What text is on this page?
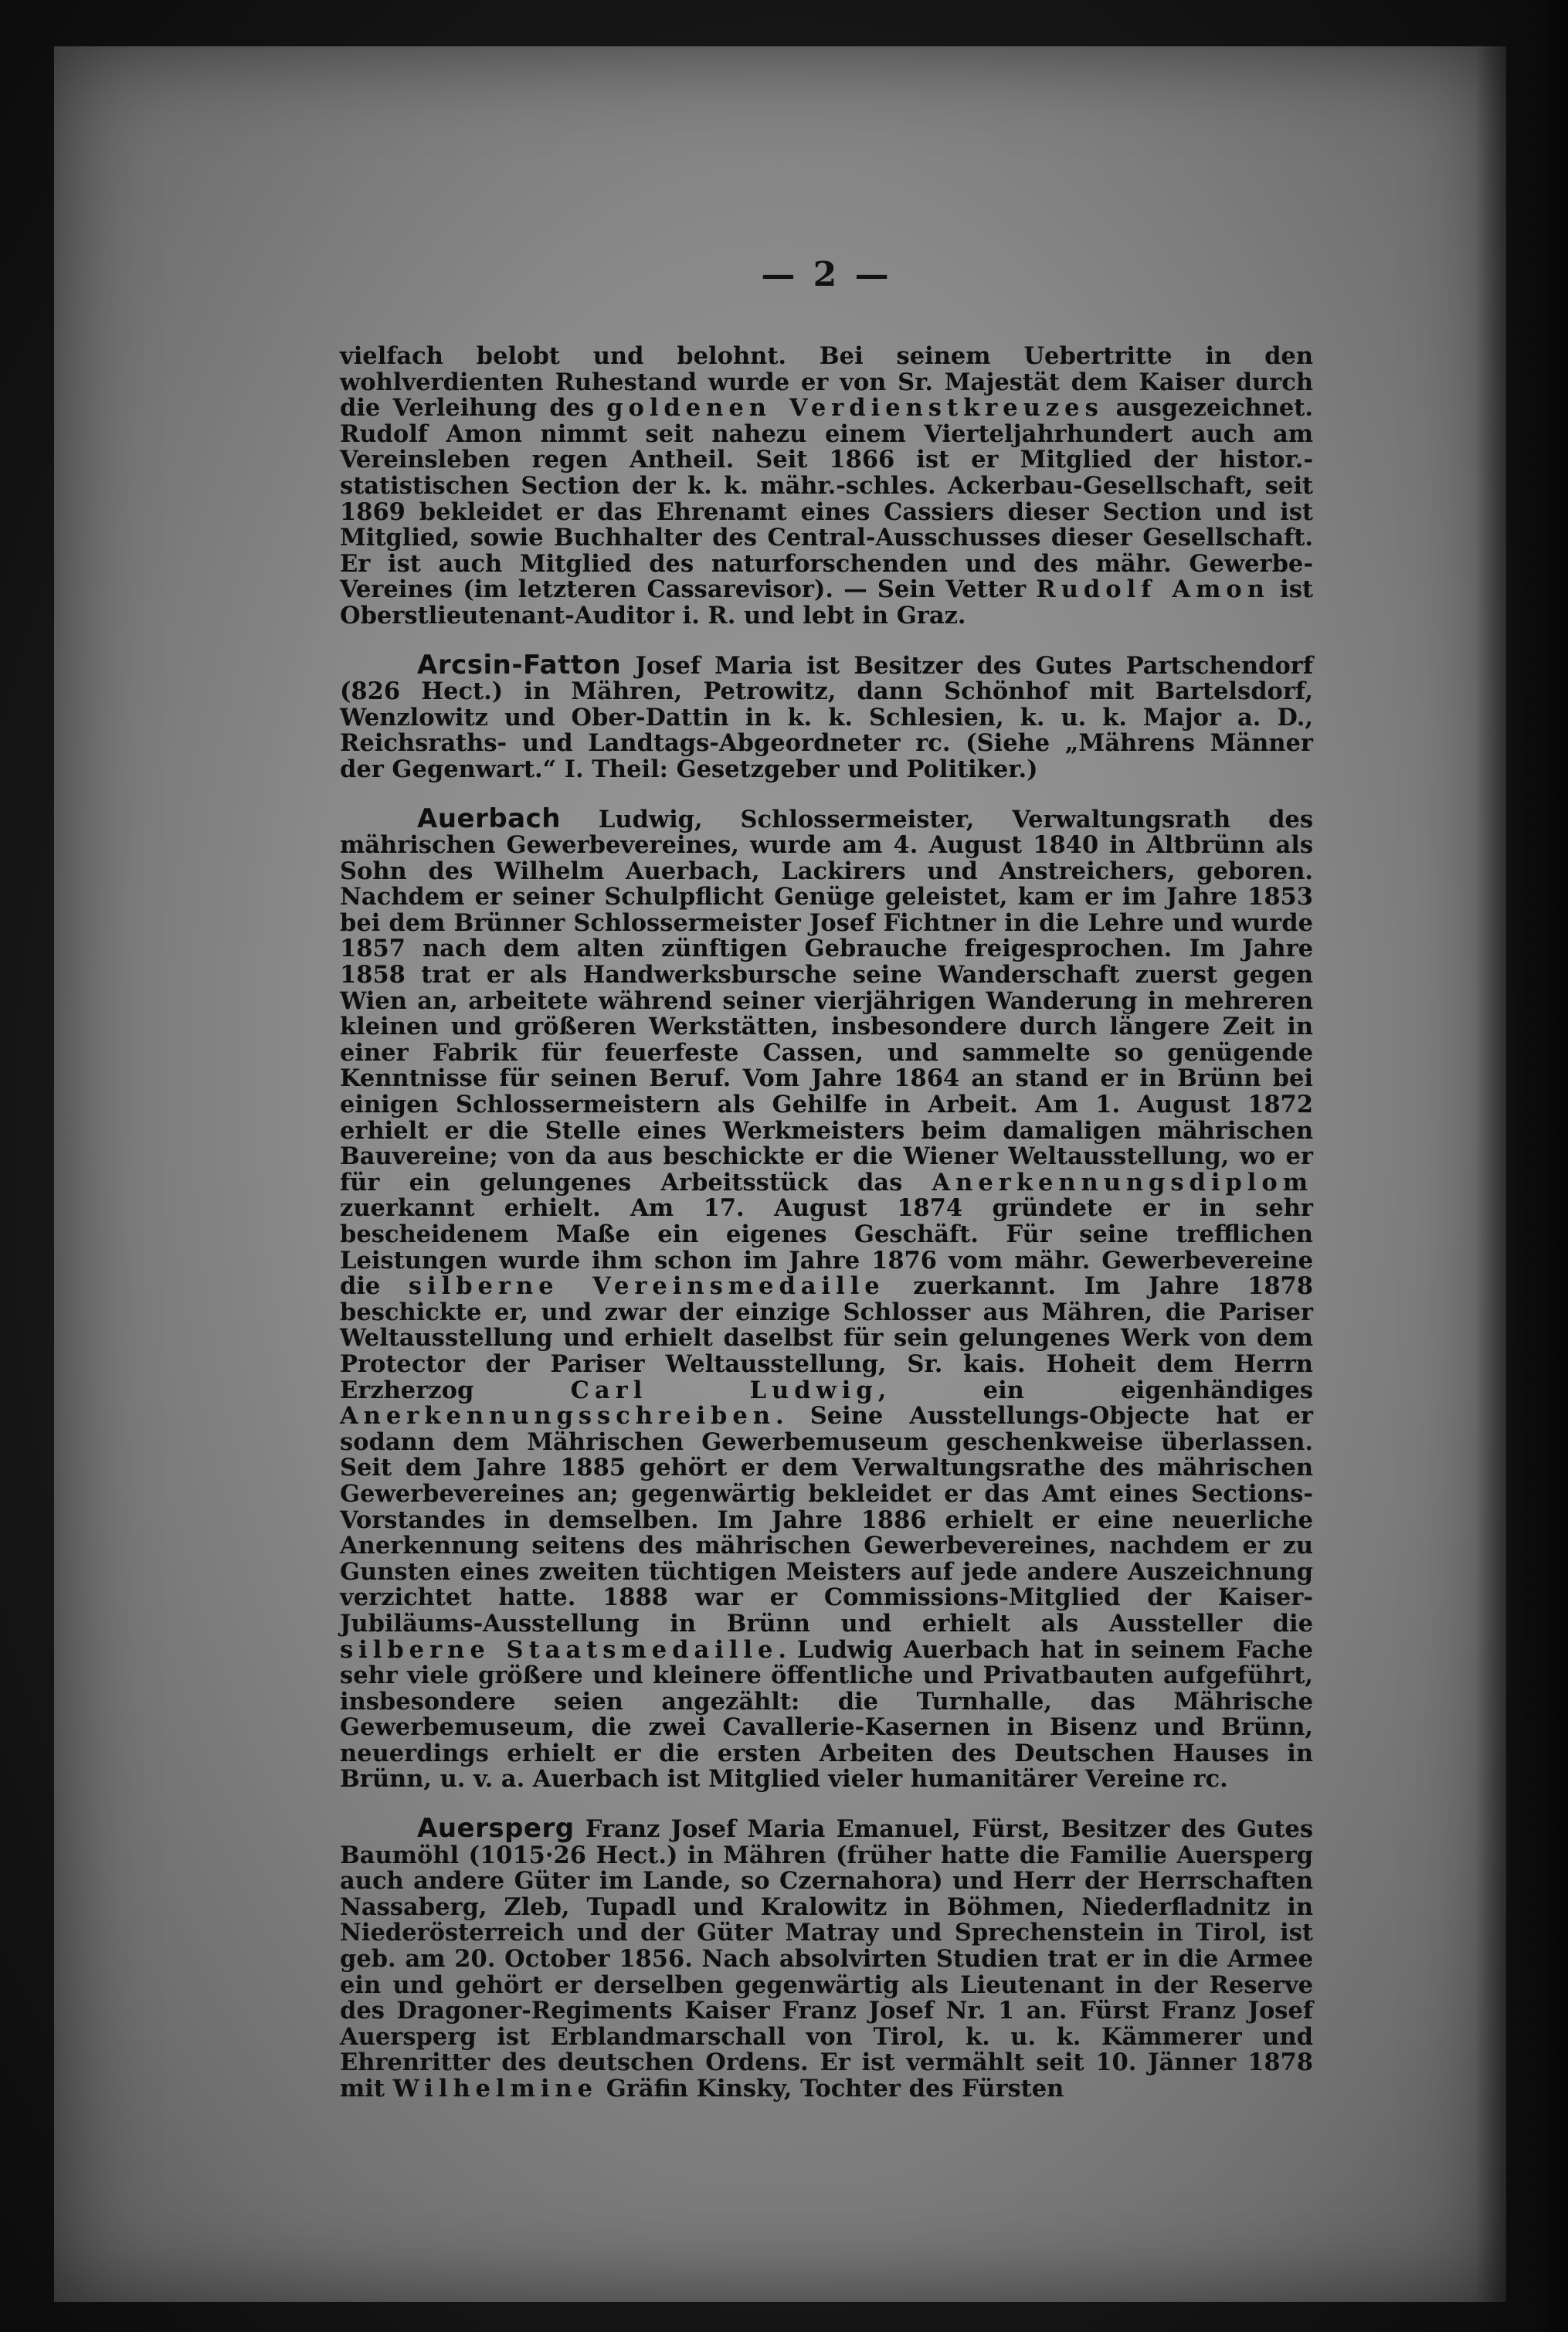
— 2 —

vielfach belobt und belohnt. Bei seinem Uebertritte in den wohlverdienten Ruhestand wurde er von Sr. Majestät dem Kaiser durch die Verleihung des goldenen Verdienstkreuzes ausgezeichnet. Rudolf Amon nimmt seit nahezu einem Vierteljahrhundert auch am Vereinsleben regen Antheil. Seit 1866 ist er Mitglied der histor.-statistischen Section der k. k. mähr.-schles. Ackerbau-Gesellschaft, seit 1869 bekleidet er das Ehrenamt eines Cassiers dieser Section und ist Mitglied, sowie Buchhalter des Central-Ausschusses dieser Gesellschaft. Er ist auch Mitglied des naturforschenden und des mähr. Gewerbe-Vereines (im letzteren Cassarevisor). — Sein Vetter Rudolf Amon ist Oberstlieutenant-Auditor i. R. und lebt in Graz.

Arcsin-Fatton Josef Maria ist Besitzer des Gutes Partschendorf (826 Hect.) in Mähren, Petrowitz, dann Schönhof mit Bartelsdorf, Wenzlowitz und Ober-Dattin in k. k. Schlesien, k. u. k. Major a. D., Reichsraths- und Landtags-Abgeordneter rc. (Siehe „Mährens Männer der Gegenwart.“ I. Theil: Gesetzgeber und Politiker.)

Auerbach Ludwig, Schlossermeister, Verwaltungsrath des mährischen Gewerbevereines, wurde am 4. August 1840 in Altbrünn als Sohn des Wilhelm Auerbach, Lackirers und Anstreichers, geboren. Nachdem er seiner Schulpflicht Genüge geleistet, kam er im Jahre 1853 bei dem Brünner Schlossermeister Josef Fichtner in die Lehre und wurde 1857 nach dem alten zünftigen Gebrauche freigesprochen. Im Jahre 1858 trat er als Handwerksbursche seine Wanderschaft zuerst gegen Wien an, arbeitete während seiner vierjährigen Wanderung in mehreren kleinen und größeren Werkstätten, insbesondere durch längere Zeit in einer Fabrik für feuerfeste Cassen, und sammelte so genügende Kenntnisse für seinen Beruf. Vom Jahre 1864 an stand er in Brünn bei einigen Schlossermeistern als Gehilfe in Arbeit. Am 1. August 1872 erhielt er die Stelle eines Werkmeisters beim damaligen mährischen Bauvereine; von da aus beschickte er die Wiener Weltausstellung, wo er für ein gelungenes Arbeitsstück das Anerkennungsdiplom zuerkannt erhielt. Am 17. August 1874 gründete er in sehr bescheidenem Maße ein eigenes Geschäft. Für seine trefflichen Leistungen wurde ihm schon im Jahre 1876 vom mähr. Gewerbevereine die silberne Vereinsmedaille zuerkannt. Im Jahre 1878 beschickte er, und zwar der einzige Schlosser aus Mähren, die Pariser Weltausstellung und erhielt daselbst für sein gelungenes Werk von dem Protector der Pariser Weltausstellung, Sr. kais. Hoheit dem Herrn Erzherzog Carl Ludwig, ein eigenhändiges Anerkennungsschreiben. Seine Ausstellungs-Objecte hat er sodann dem Mährischen Gewerbemuseum geschenkweise überlassen. Seit dem Jahre 1885 gehört er dem Verwaltungsrathe des mährischen Gewerbevereines an; gegenwärtig bekleidet er das Amt eines Sections-Vorstandes in demselben. Im Jahre 1886 erhielt er eine neuerliche Anerkennung seitens des mährischen Gewerbevereines, nachdem er zu Gunsten eines zweiten tüchtigen Meisters auf jede andere Auszeichnung verzichtet hatte. 1888 war er Commissions-Mitglied der Kaiser-Jubiläums-Ausstellung in Brünn und erhielt als Aussteller die silberne Staatsmedaille. Ludwig Auerbach hat in seinem Fache sehr viele größere und kleinere öffentliche und Privatbauten aufgeführt, insbesondere seien angezählt: die Turnhalle, das Mährische Gewerbemuseum, die zwei Cavallerie-Kasernen in Bisenz und Brünn, neuerdings erhielt er die ersten Arbeiten des Deutschen Hauses in Brünn, u. v. a. Auerbach ist Mitglied vieler humanitärer Vereine rc.

Auersperg Franz Josef Maria Emanuel, Fürst, Besitzer des Gutes Baumöhl (1015·26 Hect.) in Mähren (früher hatte die Familie Auersperg auch andere Güter im Lande, so Czernahora) und Herr der Herrschaften Nassaberg, Zleb, Tupadl und Kralowitz in Böhmen, Niederfladnitz in Niederösterreich und der Güter Matray und Sprechenstein in Tirol, ist geb. am 20. October 1856. Nach absolvirten Studien trat er in die Armee ein und gehört er derselben gegenwärtig als Lieutenant in der Reserve des Dragoner-Regiments Kaiser Franz Josef Nr. 1 an. Fürst Franz Josef Auersperg ist Erblandmarschall von Tirol, k. u. k. Kämmerer und Ehrenritter des deutschen Ordens. Er ist vermählt seit 10. Jänner 1878 mit Wilhelmine Gräfin Kinsky, Tochter des Fürsten
